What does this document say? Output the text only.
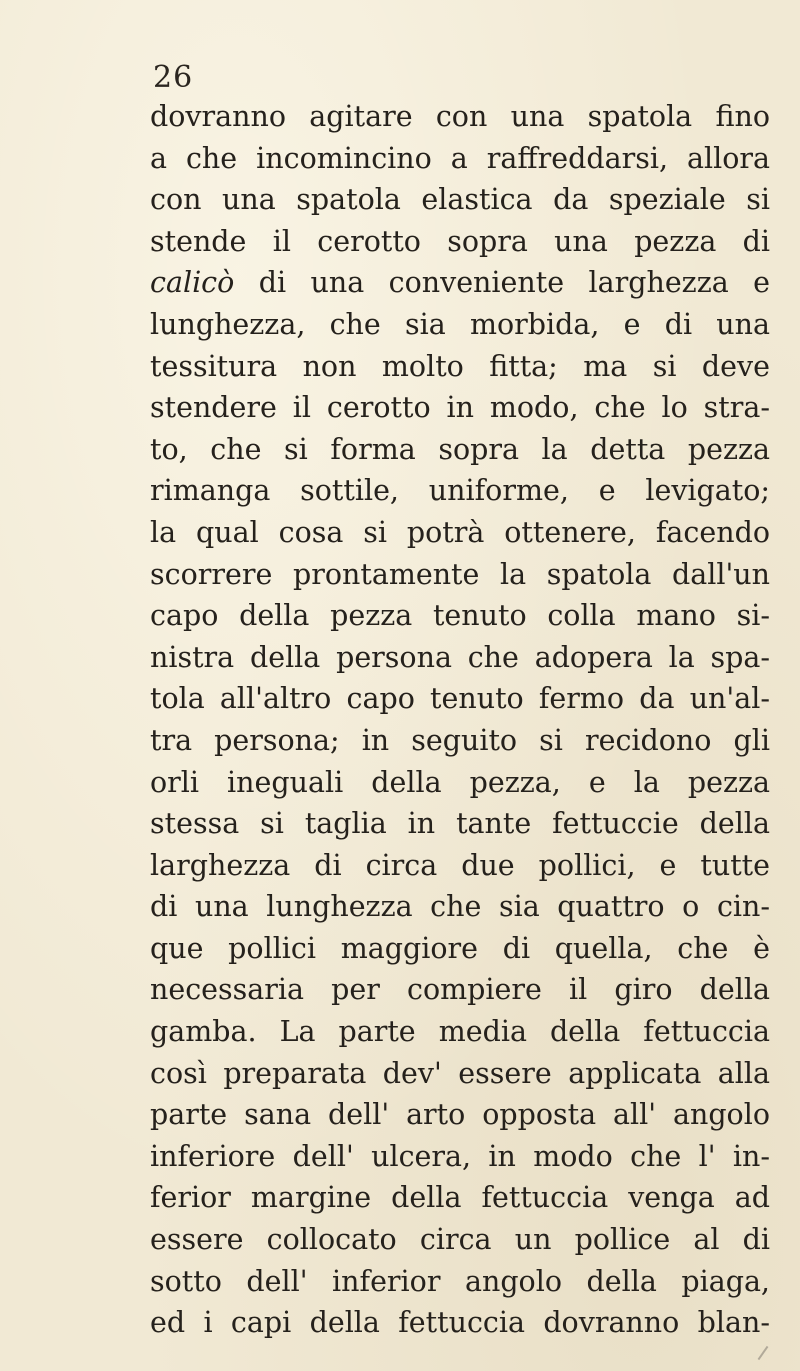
26
dovranno agitare con una spatola fino
a che incomincino a raffreddarsi, allora
con una spatola elastica da speziale si
stende il cerotto sopra una pezza di
calicò di una conveniente larghezza e
lunghezza, che sia morbida, e di una
tessitura non molto fitta; ma si deve
stendere il cerotto in modo, che lo stra-
to, che si forma sopra la detta pezza
rimanga sottile, uniforme, e levigato;
la qual cosa si potrà ottenere, facendo
scorrere prontamente la spatola dall'un
capo della pezza tenuto colla mano si-
nistra della persona che adopera la spa-
tola all'altro capo tenuto fermo da un'al-
tra persona; in seguito si recidono gli
orli ineguali della pezza, e la pezza
stessa si taglia in tante fettuccie della
larghezza di circa due pollici, e tutte
di una lunghezza che sia quattro o cin-
que pollici maggiore di quella, che è
necessaria per compiere il giro della
gamba. La parte media della fettuccia
così preparata dev' essere applicata alla
parte sana dell' arto opposta all' angolo
inferiore dell' ulcera, in modo che l' in-
ferior margine della fettuccia venga ad
essere collocato circa un pollice al di
sotto dell' inferior angolo della piaga,
ed i capi della fettuccia dovranno blan-
